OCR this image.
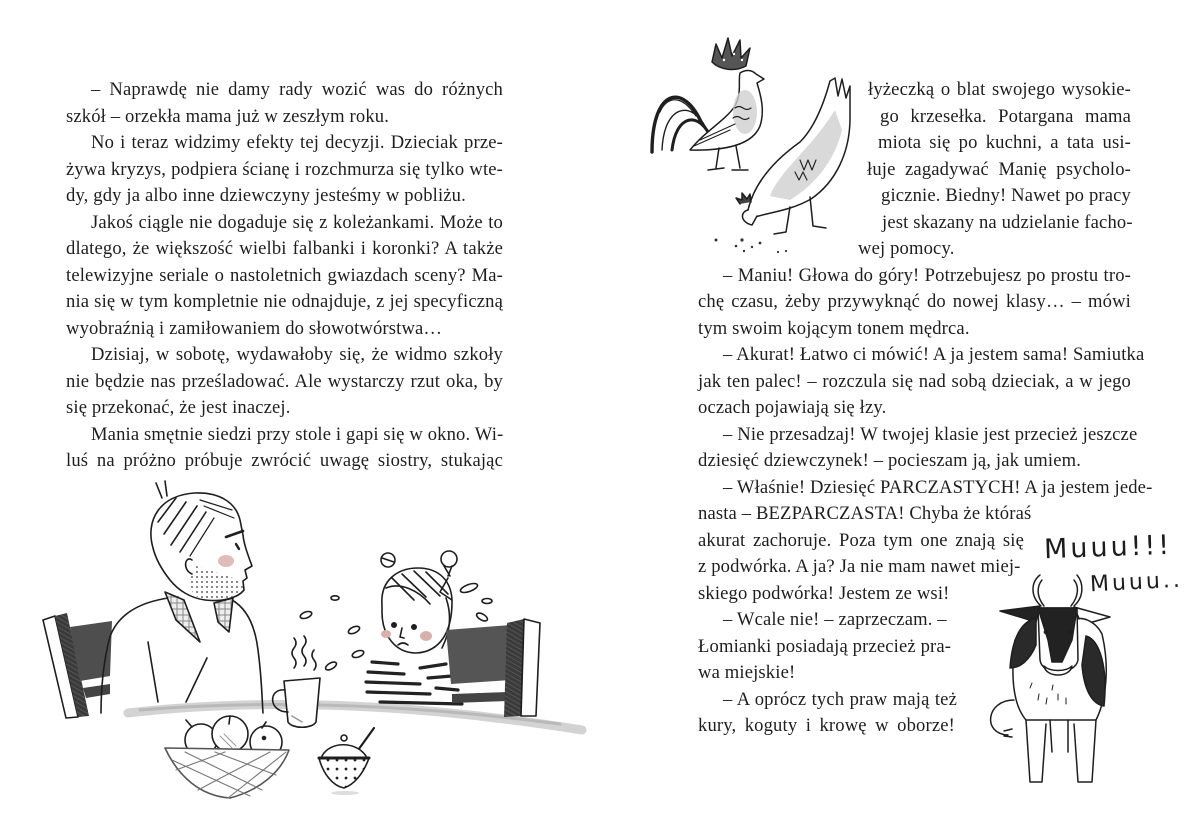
– Naprawdę nie damy rady wozić was do różnych
szkół – orzekła mama już w zeszłym roku.
No i teraz widzimy efekty tej decyzji. Dzieciak prze-
żywa kryzys, podpiera ścianę i rozchmurza się tylko wte-
dy, gdy ja albo inne dziewczyny jesteśmy w pobliżu.
Jakoś ciągle nie dogaduje się z koleżankami. Może to
dlatego, że większość wielbi falbanki i koronki? A także
telewizyjne seriale o nastoletnich gwiazdach sceny? Ma-
nia się w tym kompletnie nie odnajduje, z jej specyficzną
wyobraźnią i zamiłowaniem do słowotwórstwa…
Dzisiaj, w sobotę, wydawałoby się, że widmo szkoły
nie będzie nas prześladować. Ale wystarczy rzut oka, by
się przekonać, że jest inaczej.
Mania smętnie siedzi przy stole i gapi się w okno. Wi-
luś na próżno próbuje zwrócić uwagę siostry, stukając
łyżeczką o blat swojego wysokie-
go krzesełka. Potargana mama
miota się po kuchni, a tata usi-
łuje zagadywać Manię psycholo-
gicznie. Biedny! Nawet po pracy
jest skazany na udzielanie facho-
wej pomocy.
– Maniu! Głowa do góry! Potrzebujesz po prostu tro-
chę czasu, żeby przywyknąć do nowej klasy… – mówi
tym swoim kojącym tonem mędrca.
– Akurat! Łatwo ci mówić! A ja jestem sama! Samiutka
jak ten palec! – rozczula się nad sobą dzieciak, a w jego
oczach pojawiają się łzy.
– Nie przesadzaj! W twojej klasie jest przecież jeszcze
dziesięć dziewczynek! – pocieszam ją, jak umiem.
– Właśnie! Dziesięć PARCZASTYCH! A ja jestem jede-
nasta – BEZPARCZASTA! Chyba że któraś
akurat zachoruje. Poza tym one znają się
z podwórka. A ja? Ja nie mam nawet miej-
skiego podwórka! Jestem ze wsi!
– Wcale nie! – zaprzeczam. –
Łomianki posiadają przecież pra-
wa miejskie!
– A oprócz tych praw mają też
kury, koguty i krowę w oborze!
Muuu!!!
Muuu..
